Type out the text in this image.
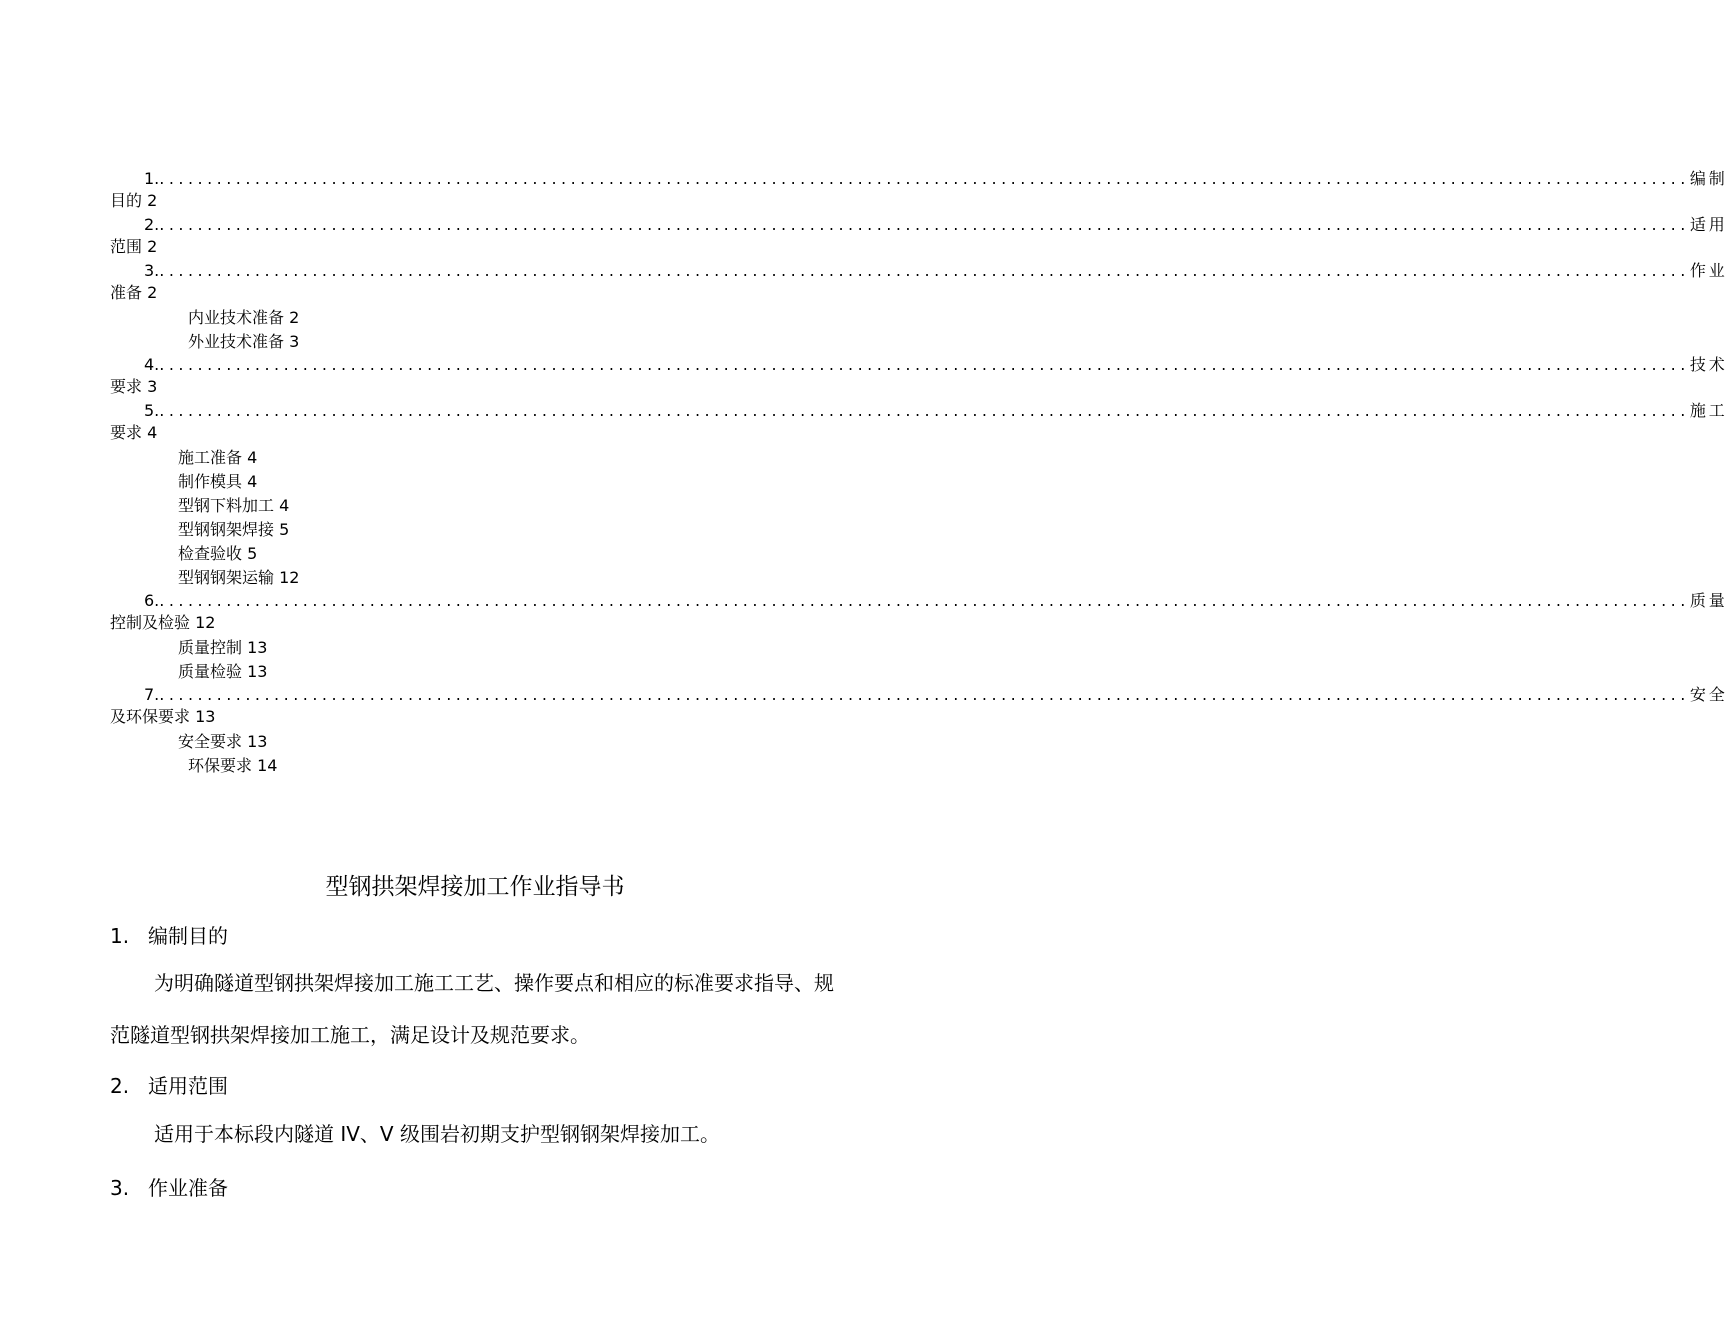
1. ................................................................................................................................................................ 编制
目的 2
2. ................................................................................................................................................................ 适用
范围 2
3. ................................................................................................................................................................ 作业
准备 2
内业技术准备 2
外业技术准备 3
4. ................................................................................................................................................................ 技术
要求 3
5. ................................................................................................................................................................ 施工
要求 4
施工准备 4
制作模具 4
型钢下料加工 4
型钢钢架焊接 5
检查验收 5
型钢钢架运输 12
6. ................................................................................................................................................................ 质量
控制及检验 12
质量控制 13
质量检验 13
7. ................................................................................................................................................................ 安全
及环保要求 13
安全要求 13
环保要求 14
型钢拱架焊接加工作业指导书
1. 编制目的
为明确隧道型钢拱架焊接加工施工工艺、操作要点和相应的标准要求指导、规范隧道型钢拱架焊接加工施工，满足设计及规范要求。
2. 适用范围
适用于本标段内隧道 IV、V 级围岩初期支护型钢钢架焊接加工。
3. 作业准备
